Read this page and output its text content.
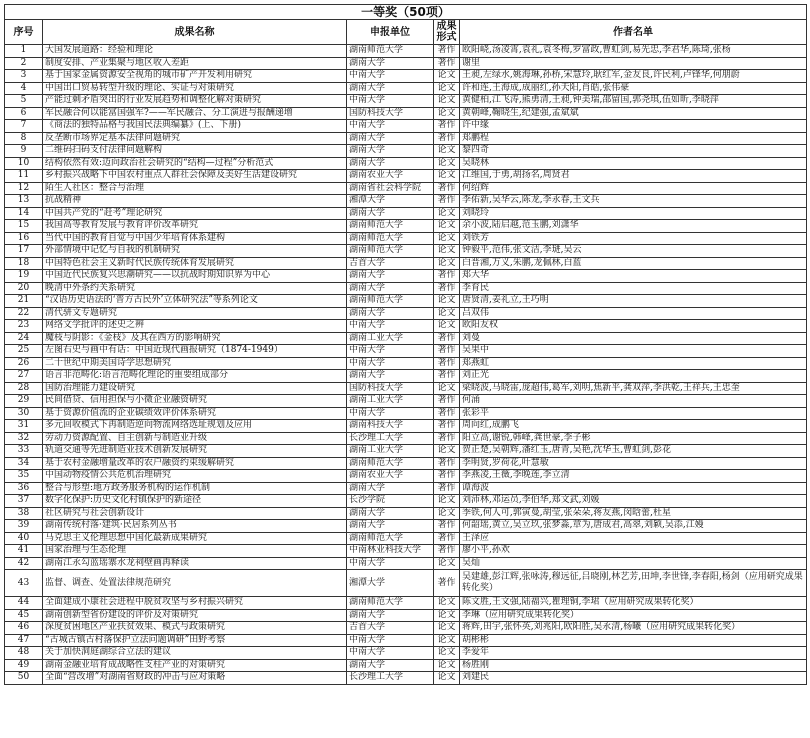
一等奖（50项）				
序号	成果名称	申报单位	成果形式	作者名单
1	大国发展道路：经验和理论	湖南师范大学	著作	欧阳峣,汤凌霄,袁礼,袁冬梅,罗富政,曹虹剑,易先忠,李君华,陈琦,张杨
2	制度安排、产业集聚与地区收入差距	湖南大学	著作	谢里
3	基于国家金属资源安全视角的城市矿产开发利用研究	中南大学	论文	王昶,左绿水,姚海琳,孙桥,宋慧玲,耿红军,金友良,许民利,卢锋华,何朋蔚
4	中国出口贸易转型升级的理论、实证与对策研究	湖南大学	论文	许和连,王海成,成丽红,孙天阳,肖皓,张伟豪
5	产能过剩矛盾突出的行业发展趋势和调整化解对策研究	中南大学	论文	黄健柏,江飞涛,熊勇清,王昶,钟美瑞,邵留国,郭尧琪,伍如昕,李晓萍
6	军民融合何以能富国强军?——军民融合、分工演进与报酬递增	国防科技大学	论文	黄朝峰,鞠晓生,纪建强,孟斌斌
7	《商法的独特品格与我国民法典编纂》(上、下册)	中南大学	著作	许中缘
8	反垄断市场界定基本法律问题研究	湖南大学	著作	郑鹏程
9	二维码扫码支付法律问题解构	湖南大学	论文	黎四奇
10	结构依然有效:迈向政治社会研究的“结构—过程”分析范式	湖南大学	论文	吴晓林
11	乡村振兴战略下中国农村重点人群社会保障及美好生活建设研究	湖南农业大学	论文	江维国,于勇,胡扬名,周贤君
12	陌生人社区：整合与治理	湖南省社会科学院	著作	何绍辉
13	抗战精神	湘潭大学	著作	李佑新,吴华云,陈龙,李永春,王文兵
14	中国共产党的“赶考”理论研究	湖南大学	论文	刘晓玲
15	我国高等教育发展与教育评价改革研究	湖南师范大学	论文	余小波,陆启越,范玉鹏,刘潇华
16	当代中国的教育自觉与中国少年培育体系建构	湖南师范大学	论文	刘铁芳
17	外部情境中记忆与自我的机制研究	湖南师范大学	论文	钟毅平,范伟,张文洁,李琎,吴云
18	中国特色社会主义新时代民族传统体育发展研究	吉首大学	论文	白晋湘,万义,朱鹏,龙佩林,白蓝
19	中国近代民族复兴思潮研究——以抗战时期知识界为中心	湖南大学	著作	郑大华
20	晚清中外条约关系研究	湖南大学	著作	李育民
21	“汉语历史语法的‘普方古民外’立体研究法”等系列论文	湖南师范大学	论文	唐贤清,姜礼立,王巧明
22	清代骈文专题研究	湖南大学	论文	吕双伟
23	网络文学批评的述史之辨	中南大学	论文	欧阳友权
24	魔枝与阴影：《金枝》及其在西方的影响研究	湖南工业大学	著作	刘曼
25	左图右史与画中有话：中国近现代画报研究（1874-1949）	中南大学	著作	吴果中
26	二十世纪中期美国诗学思想研究	中南大学	著作	郑燕虹
27	语言非范畴化:语言范畴化理论的重要组成部分	湖南大学	著作	刘正光
28	国防治理能力建设研究	国防科技大学	论文	梁晓波,马晓雷,庞超伟,葛军,刘明,焦新平,龚双萍,李洪乾,王祥兵,王忠奎
29	民间借贷、信用担保与小微企业融资研究	湖南工业大学	著作	何涌
30	基于资源价值流的企业碳绩效评价体系研究	中南大学	著作	张彩平
31	多元回收模式下再制造逆向物流网络选址规划及应用	湖南科技大学	著作	周向红,成鹏飞
32	劳动力资源配置、自主创新与制造业升级	长沙理工大学	著作	阳立高,谢锐,韩峰,龚世豪,李子彬
33	轨道交通等先进制造业技术创新发展研究	湖南工业大学	论文	贺正楚,吴朝辉,潘红玉,唐青,吴艳,沈华玉,曹虹剑,彭花
34	基于农村金融增量改革的农户融资约束缓解研究	湖南师范大学	著作	李明贤,罗荷花,叶慧敏
35	中国动物疫情公共危机治理研究	湖南农业大学	著作	李燕凌,王薇,李晚莲,李立清
36	整合与形塑:地方政务服务机构的运作机制	湖南大学	著作	谭海波
37	数字化保护:历史文化村镇保护的新途径	长沙学院	论文	刘沛林,邓运员,李伯华,郑文武,刘媛
38	社区研究与社会创新设计	湖南大学	论文	季铁,何人可,郭寅曼,胡莹,张朵朵,蒋友燕,闵晗蕾,杜星
39	湖南传统村落·建筑·民居系列丛书	湖南大学	著作	何韶瑶,黄立,吴立玖,张梦淼,章为,唐成君,高翠,刘颖,吴添,江嫚
40	马克思主义伦理思想中国化最新成果研究	湖南师范大学	著作	王泽应
41	国家治理与生态伦理	中南林业科技大学	著作	廖小平,孙欢
42	湖南江永勾蓝瑶寨水龙祠壁画再释读	中南大学	论文	吴灿
43	监督、调查、处置法律规范研究	湘潭大学	著作	吴建雄,彭江辉,张咏涛,穆远征,吕晓刚,林艺芳,田坤,李世锋,李春阳,杨剑（应用研究成果转化奖）
44	全面建成小康社会进程中脱贫攻坚与乡村振兴研究	湖南师范大学	论文	陈文胜,王文强,陆福兴,瞿理铜,李珺（应用研究成果转化奖）
45	湖南创新型省份建设的评价及对策研究	湖南大学	论文	李琳（应用研究成果转化奖）
46	深度贫困地区产业扶贫效果、模式与政策研究	吉首大学	论文	蒋辉,田宇,张怀英,刘兆阳,欧阳胜,吴永清,杨曦（应用研究成果转化奖）
47	“古城古镇古村落保护立法问题调研”田野考察	中南大学	论文	胡彬彬
48	关于加快洞庭湖综合立法的建议	中南大学	论文	李爱年
49	湖南金融业培育成战略性支柱产业的对策研究	湖南大学	论文	杨胜刚
50	全面“营改增”对湖南省财政的冲击与应对策略	长沙理工大学	论文	刘建民
